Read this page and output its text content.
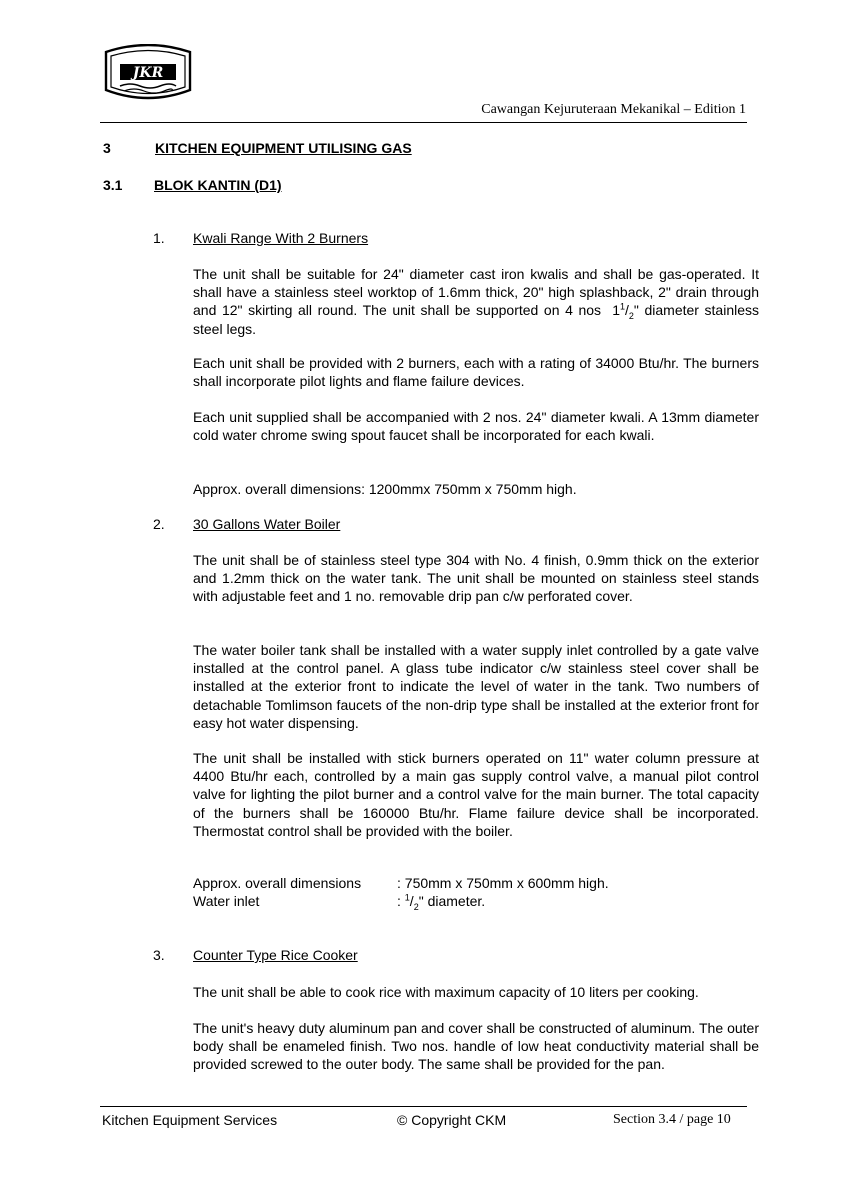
JKR
Cawangan Kejuruteraan Mekanikal – Edition 1
3	KITCHEN EQUIPMENT UTILISING GAS
3.1 BLOK KANTIN (D1)
1. Kwali Range With 2 Burners

The unit shall be suitable for 24" diameter cast iron kwalis and shall be gas-operated. It shall have a stainless steel worktop of 1.6mm thick, 20" high splashback, 2" drain through and 12" skirting all round. The unit shall be supported on 4 nos $1^1/_2$" diameter stainless steel legs.

Each unit shall be provided with 2 burners, each with a rating of 34000 Btu/hr. The burners shall incorporate pilot lights and flame failure devices.

Each unit supplied shall be accompanied with 2 nos. 24" diameter kwali. A 13mm diameter cold water chrome swing spout faucet shall be incorporated for each kwali.

Approx. overall dimensions: 1200mmx 750mm x 750mm high.

2. 30 Gallons Water Boiler

The unit shall be of stainless steel type 304 with No. 4 finish, 0.9mm thick on the exterior and 1.2mm thick on the water tank. The unit shall be mounted on stainless steel stands with adjustable feet and 1 no. removable drip pan c/w perforated cover.

The water boiler tank shall be installed with a water supply inlet controlled by a gate valve installed at the control panel. A glass tube indicator c/w stainless steel cover shall be installed at the exterior front to indicate the level of water in the tank. Two numbers of detachable Tomlimson faucets of the non-drip type shall be installed at the exterior front for easy hot water dispensing.

The unit shall be installed with stick burners operated on 11" water column pressure at 4400 Btu/hr each, controlled by a main gas supply control valve, a manual pilot control valve for lighting the pilot burner and a control valve for the main burner. The total capacity of the burners shall be 160000 Btu/hr. Flame failure device shall be incorporated. Thermostat control shall be provided with the boiler.

Approx. overall dimensions	: 750mm x 750mm x 600mm high.
Water inlet	: $^1/_2$" diameter.
3. Counter Type Rice Cooker

The unit shall be able to cook rice with maximum capacity of 10 liters per cooking.

The unit's heavy duty aluminum pan and cover shall be constructed of aluminum. The outer body shall be enameled finish. Two nos. handle of low heat conductivity material shall be provided screwed to the outer body. The same shall be provided for the pan.

Kitchen Equipment Services	© Copyright CKM	Section 3.4 / page 10
